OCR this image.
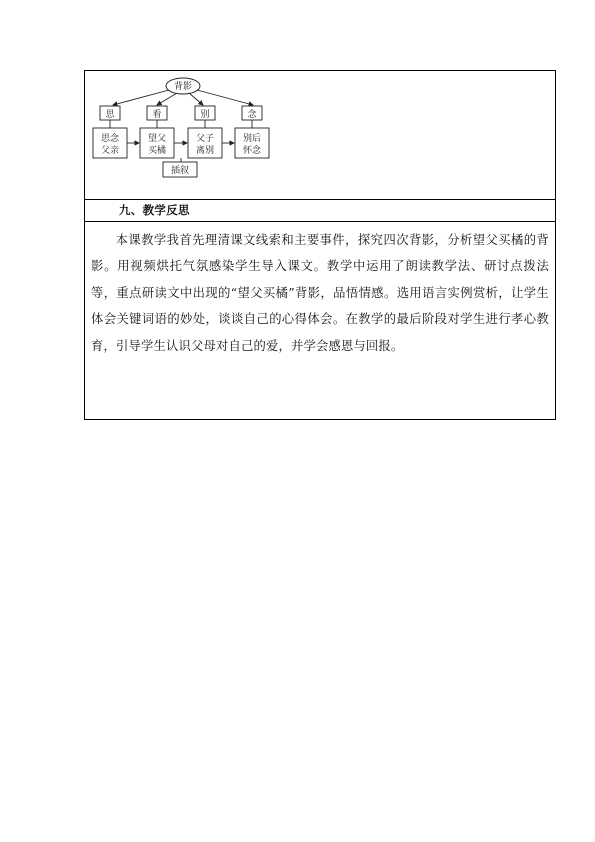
背影
思	看	别	念
思念
父亲
望父
买橘
父子
离别
别后
怀念
插叙
九、教学反思

本课教学我首先理清课文线索和主要事件，探究四次背影，分析望父买橘的背影。用视频烘托气氛感染学生导入课文。教学中运用了朗读教学法、研讨点拨法等，重点研读文中出现的“望父买橘”背影，品悟情感。选用语言实例赏析，让学生体会关键词语的妙处，谈谈自己的心得体会。在教学的最后阶段对学生进行孝心教育，引导学生认识父母对自己的爱，并学会感恩与回报。
